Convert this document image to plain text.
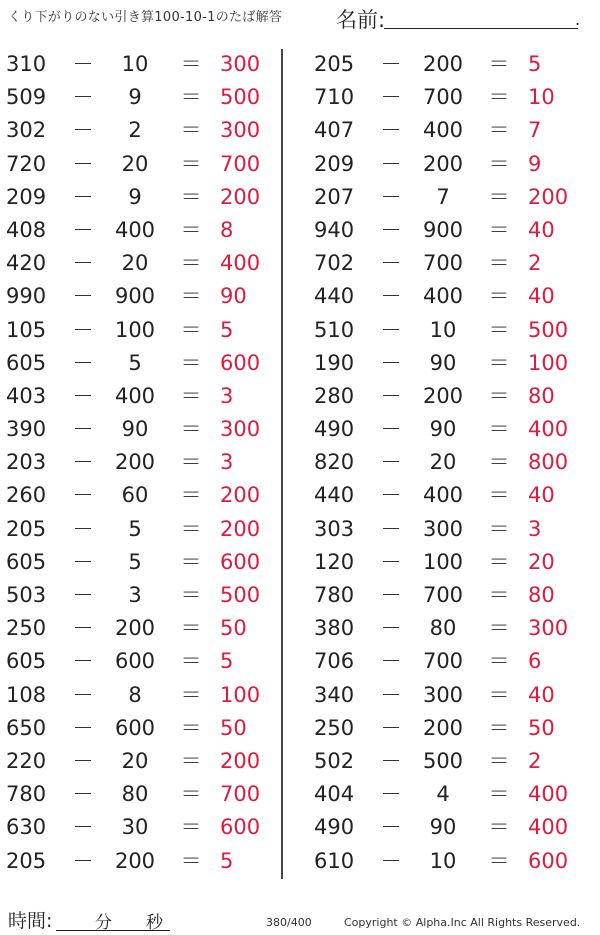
くり下がりのない引き算100-10-1のたば解答	名前:	.
310	－	10	＝ 300
509	－	9	＝ 500
302	－	2	＝ 300
720	－	20	＝ 700
209	－	9	＝ 200
408	－	400	＝ 8
420	－	20	＝ 400
990	－	900	＝ 90
105	－	100	＝ 5
605	－	5	＝ 600
403	－	400	＝ 3
390	－	90	＝ 300
203	－	200	＝ 3
260	－	60	＝ 200
205	－	5	＝ 200
605	－	5	＝ 600
503	－	3	＝ 500
250	－	200	＝ 50
605	－	600	＝ 5
108	－	8	＝ 100
650	－	600	＝ 50
220	－	20	＝ 200
780	－	80	＝ 700
630	－	30	＝ 600
205	－	200	＝ 5
205	－	200	＝ 5
710	－	700	＝ 10
407	－	400	＝ 7
209	－	200	＝ 9
207	－	7	＝ 200
940	－	900	＝ 40
702	－	700	＝ 2
440	－	400	＝ 40
510	－	10	＝ 500
190	－	90	＝ 100
280	－	200	＝ 80
490	－	90	＝ 400
820	－	20	＝ 800
440	－	400	＝ 40
303	－	300	＝ 3
120	－	100	＝ 20
780	－	700	＝ 80
380	－	80	＝ 300
706	－	700	＝ 6
340	－	300	＝ 40
250	－	200	＝ 50
502	－	500	＝ 2
404	－	4	＝ 400
490	－	90	＝ 400
610	－	10	＝ 600
時間:	分 秒	380/400	Copyright © Alpha.Inc All Rights Reserved.
